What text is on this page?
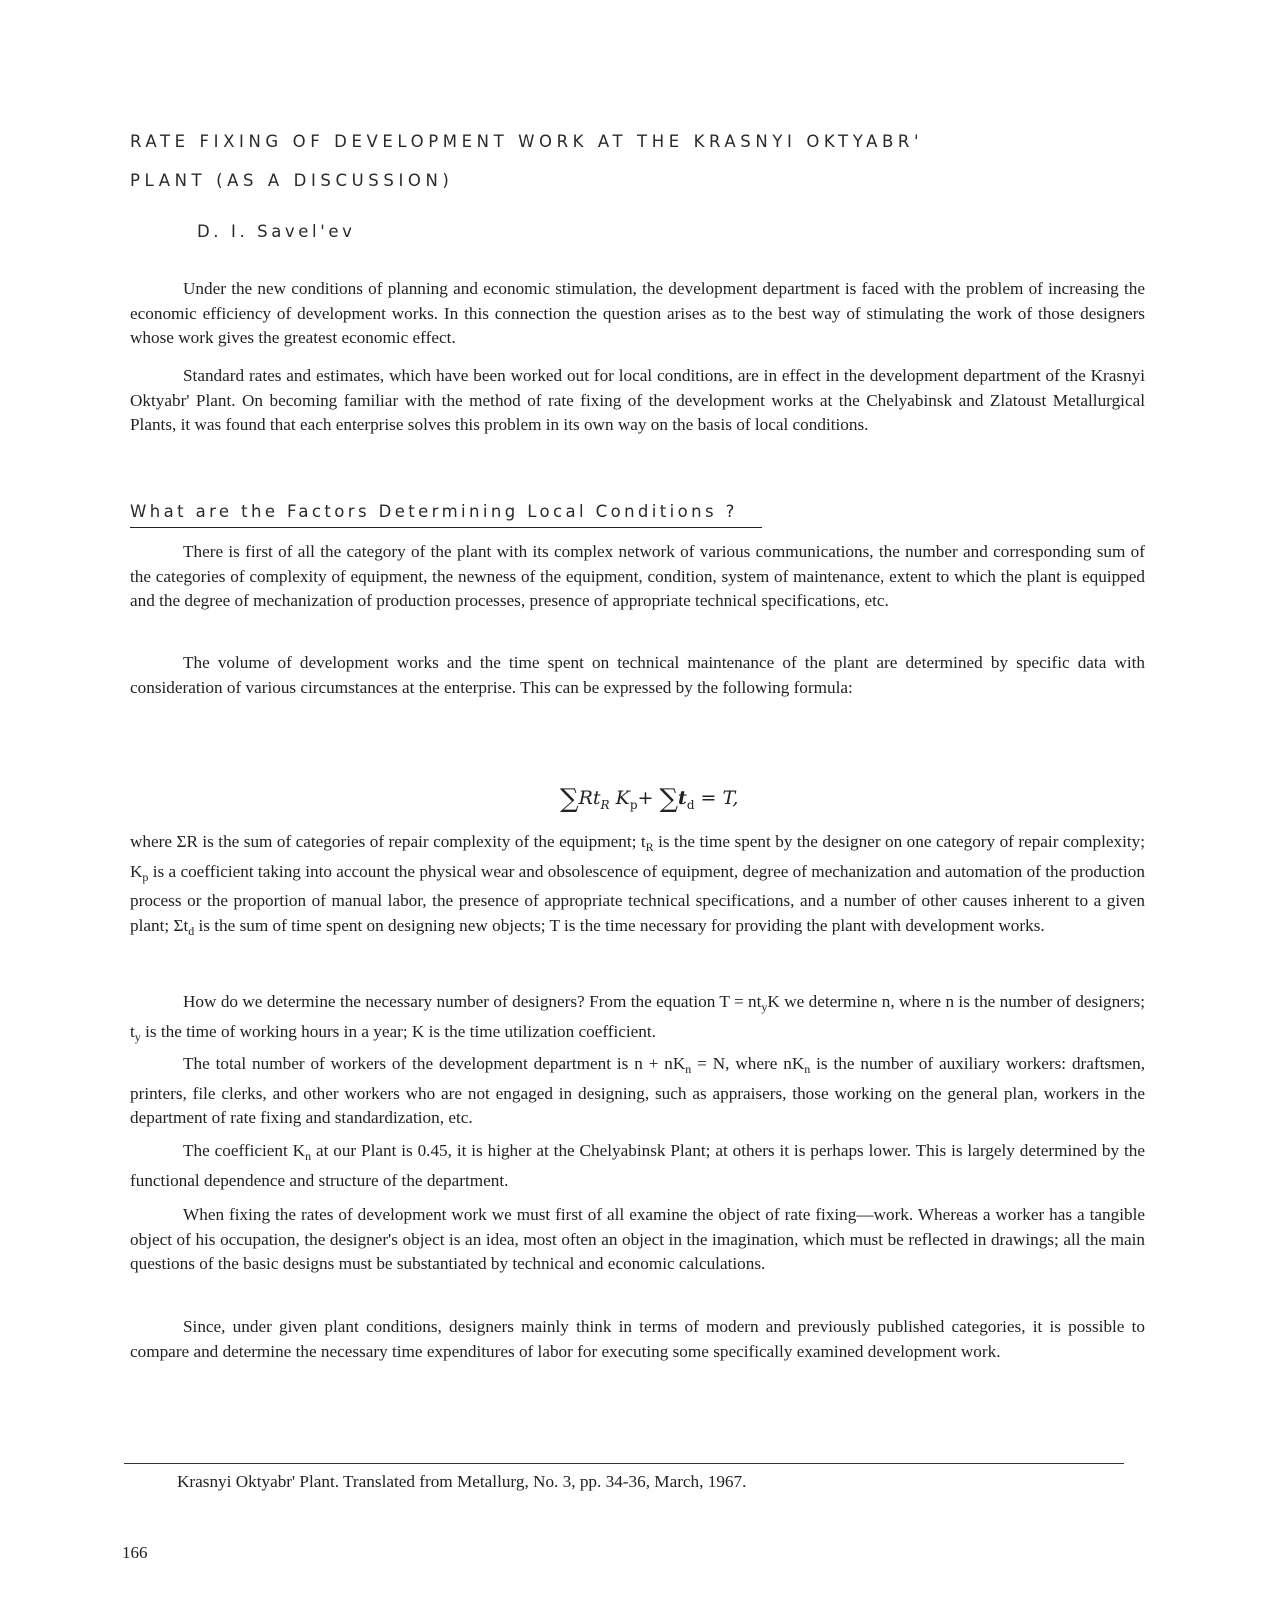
RATE FIXING OF DEVELOPMENT WORK AT THE KRASNYI OKTYABR'
PLANT (AS A DISCUSSION)
D. I. Savel'ev

Under the new conditions of planning and economic stimulation, the development department is faced with the problem of increasing the economic efficiency of development works. In this connection the question arises as to the best way of stimulating the work of those designers whose work gives the greatest economic effect.

Standard rates and estimates, which have been worked out for local conditions, are in effect in the development department of the Krasnyi Oktyabr' Plant. On becoming familiar with the method of rate fixing of the development works at the Chelyabinsk and Zlatoust Metallurgical Plants, it was found that each enterprise solves this problem in its own way on the basis of local conditions.

What are the Factors Determining Local Conditions ?

There is first of all the category of the plant with its complex network of various communications, the number and corresponding sum of the categories of complexity of equipment, the newness of the equipment, condition, system of maintenance, extent to which the plant is equipped and the degree of mechanization of production processes, presence of appropriate technical specifications, etc.

The volume of development works and the time spent on technical maintenance of the plant are determined by specific data with consideration of various circumstances at the enterprise. This can be expressed by the following formula:

$\sum Rt_R$ $K_p+ \sum t_d = T$,

where ΣR is the sum of categories of repair complexity of the equipment; $t_R$ is the time spent by the designer on one category of repair complexity; $K_p$ is a coefficient taking into account the physical wear and obsolescence of equipment, degree of mechanization and automation of the production process or the proportion of manual labor, the presence of appropriate technical specifications, and a number of other causes inherent to a given plant; $\Sigma t_d$ is the sum of time spent on designing new objects; T is the time necessary for providing the plant with development works.

How do we determine the necessary number of designers? From the equation $T = nt_yK$ we determine n, where n is the number of designers; $t_y$ is the time of working hours in a year; K is the time utilization coefficient.

The total number of workers of the development department is $n + nK_n = N$, where $nK_n$ is the number of auxiliary workers: draftsmen, printers, file clerks, and other workers who are not engaged in designing, such as appraisers, those working on the general plan, workers in the department of rate fixing and standardization, etc.

The coefficient $K_n$ at our Plant is 0.45, it is higher at the Chelyabinsk Plant; at others it is perhaps lower. This is largely determined by the functional dependence and structure of the department.

When fixing the rates of development work we must first of all examine the object of rate fixing—work. Whereas a worker has a tangible object of his occupation, the designer's object is an idea, most often an object in the imagination, which must be reflected in drawings; all the main questions of the basic designs must be substantiated by technical and economic calculations.

Since, under given plant conditions, designers mainly think in terms of modern and previously published categories, it is possible to compare and determine the necessary time expenditures of labor for executing some specifically examined development work.

Krasnyi Oktyabr' Plant. Translated from Metallurg, No. 3, pp. 34-36, March, 1967.
166
